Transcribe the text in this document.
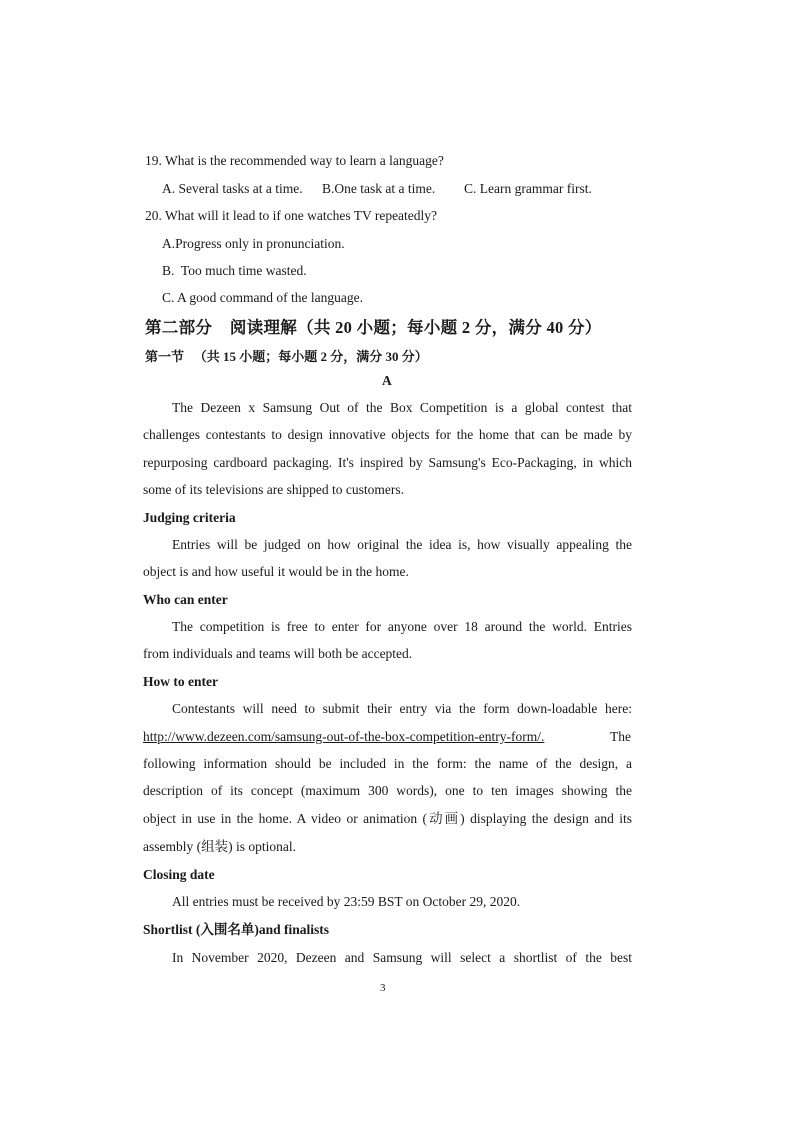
19. What is the recommended way to learn a language?
A. Several tasks at a time. B.One task at a time. C. Learn grammar first.
20. What will it lead to if one watches TV repeatedly?
A.Progress only in pronunciation.
B.  Too much time wasted.
C. A good command of the language.
第二部分    阅读理解（共 20 小题；每小题 2 分，满分 40 分）
第一节   （共 15 小题；每小题 2 分，满分 30 分）
A
The Dezeen x Samsung Out of the Box Competition is a global contest that
challenges contestants to design innovative objects for the home that can be made by
repurposing cardboard packaging. It's inspired by Samsung's Eco-Packaging, in which
some of its televisions are shipped to customers.
Judging criteria
Entries will be judged on how original the idea is, how visually appealing the
object is and how useful it would be in the home.
Who can enter
The competition is free to enter for anyone over 18 around the world. Entries
from individuals and teams will both be accepted.
How to enter
Contestants will need to submit their entry via the form down-loadable here:
http://www.dezeen.com/samsung-out-of-the-box-competition-entry-form/.	The
following information should be included in the form: the name of the design, a
description of its concept (maximum 300 words), one to ten images showing the
object in use in the home. A video or animation (动画) displaying the design and its
assembly (组装) is optional.
Closing date
All entries must be received by 23:59 BST on October 29, 2020.
Shortlist (入围名单)and finalists
In November 2020, Dezeen and Samsung will select a shortlist of the best
3
